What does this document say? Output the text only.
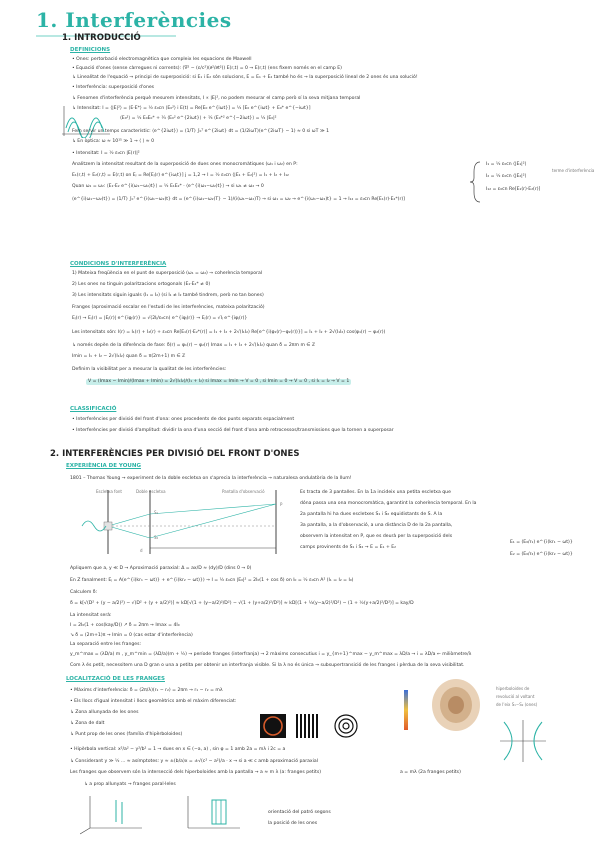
1. Interferències
1. INTRODUCCIÓ
DEFINICIONS
• Ones: pertorbació electromagnètica que compleix les equacions de Maxwell
• Equació d'ones (sense càrregues ni corrents): (∇² − (ε/c²)(∂²/∂t²)) E(r,t) = 0 → E(r,t) (ens fixem només en el camp E)
↳ Linealitat de l'equació → principi de superposició: si E₁ i E₂ són solucions, E = E₁ + E₂ també ho és → la superposició lineal de 2 ones és una solució!
• Interferència: superposició d'ones
↳ Fenomen d'interferència perquè mesurem intensitats, I ∝ |E|², no podem mesurar el camp però sí la seva mitjana temporal
↳ Intensitat: I = ⟨|E|²⟩ = ⟨E·E*⟩ = ½ ε₀cn ⟨E₀²⟩ i E(t) = Re[E₀ e^{iωt}] = ½ [E₀ e^{iωt} + E₀* e^{−iωt}]
⟨E₀²⟩ = ½ E₀E₀* + ¼ ⟨E₀² e^{2iωt}⟩ + ¼ ⟨E₀*² e^{−2iωt}⟩ = ½ |E₀|²
Fem servir un temps característic: ⟨e^{2iωt}⟩ = (1/T) ∫₀ᵀ e^{2iωt} dt = (1/2iωT)(e^{2iωT} − 1) ≈ 0 si ωT ≫ 1
↳ En òptica: ω ≈ 10¹⁵ ≫ 1 → ⟨ ⟩ ≈ 0
• Intensitat: I = ½ ε₀cn |E(r)|²
Analitzem la intensitat resultant de la superposició de dues ones monocromàtiques (ω₁ i ω₂) en P:
E₁(r,t) + E₂(r,t) = E(r,t) on Eⱼ = Re[Eⱼ(r) e^{iωⱼt}] j = 1,2 → I = ½ ε₀cn ⟨|E₁ + E₂|²⟩ = I₁ + I₂ + I₁₂
Quan ω₁ = ω₂: ⟨E₁·E₂ e^{i(ω₁−ω₂)t}⟩ = ½ E₁E₂* · ⟨e^{i(ω₁−ω₂)t}⟩ → si ω₁ ≠ ω₂ → 0
⟨e^{i(ω₁−ω₂)t}⟩ = (1/T) ∫₀ᵀ e^{i(ω₁−ω₂)t} dt = (e^{i(ω₁−ω₂)T} − 1)/(i(ω₁−ω₂)T) → si ω₁ = ω₂ → e^{i(ω₁−ω₂)t} = 1 → I₁₂ = ε₀cn Re[E₁(r)·E₂*(r)]
I₁ = ½ ε₀cn ⟨|E₁|²⟩
I₂ = ½ ε₀cn ⟨|E₂|²⟩
I₁₂ = ε₀cn Re[E₁(r)·E₂(r)]
terme d'interferència
CONDICIONS D'INTERFERÈNCIA
1) Mateixa freqüència en el punt de superposició (ω₁ = ω₂) → coherència temporal
2) Les ones no tinguin polaritzacions ortogonals (E₁·E₂* ≠ 0)
3) Les intensitats siguin iguals (I₁ = I₂) (si I₁ ≠ I₂ també tindrem, però no tan bones)
Franges (aproximació escalar en l'estudi de les interferències, mateixa polarització)
Eⱼ(r) → Eⱼ(r) = |Eⱼ(r)| e^{iφⱼ(r)} = √(2Iⱼ/ε₀cn) e^{iφⱼ(r)} → Eⱼ(r) = √Iⱼ e^{iφⱼ(r)}
Les intensitats són: I(r) = I₁(r) + I₂(r) + ε₀cn Re[E₁(r)·E₂*(r)] = I₁ + I₂ + 2√(I₁I₂) Re[e^{i(φ₁(r)−φ₂(r))}] = I₁ + I₂ + 2√(I₁I₂) cos(φ₁(r) − φ₂(r))
↳ només depèn de la diferència de fase: δ(r) = φ₁(r) − φ₂(r) Imax = I₁ + I₂ + 2√(I₁I₂) quan δ = 2πm m ∈ ℤ
Imin = I₁ + I₂ − 2√(I₁I₂) quan δ = π(2m+1) m ∈ ℤ
Definim la visibilitat per a mesurar la qualitat de les interferències:
V = (Imax − Imin)/(Imax + Imin) = 2√(I₁I₂)/(I₁ + I₂) si Imax = Imin → V = 0 , si Imin = 0 → V = 0 , si I₁ = I₂ → V = 1
CLASSIFICACIÓ
• Interferències per divisió del front d'ona: ones procedents de dos punts separats espacialment
• Interferències per divisió d'amplitud: dividir la ona d'una secció del front d'ona amb retrocessos/transmissions que la tornen a superposar
2. INTERFERÈNCIES PER DIVISIÓ DEL FRONT D'ONES
EXPERIÈNCIA DE YOUNG
1801 – Thomas Young → experiment de la doble escletxa on s'aprecia la interferència → naturalesa ondulatòria de la llum!
Escletxa font	Doble escletxa	Pantalla d'observació
S₁
S₂
P
d
Es tracta de 3 pantalles. En la 1a incideix una petita escletxa que
dóna passa una ona monocromàtica, garantint la coherència temporal. En la
2a pantalla hi ha dues escletxes S₁ i S₂ equidistants de S. A la
3a pantalla, a la d'observació, a una distància D de la 2a pantalla,
observem la intensitat en P, que es deurà per la superposició dels
camps provinents de S₁ i S₂ → E = E₁ + E₂
E₁ = (E₀/r₁) e^{i(kr₁ − ωt)}
E₂ = (E₀/r₂) e^{i(kr₂ − ωt)}
Apliquem que a, y ≪ D → Aproximació paraxial: Δ = ax/D ≈ (dy)/D (dins 0 → 0)
En Z fanalment: Eⱼ = A(e^{i(kr₁ − ωt)} + e^{i(kr₂ − ωt)}) → I = ½ ε₀cn |E₀|² = 2I₀(1 + cos δ) on I₀ = ½ ε₀cn A² (I₁ = I₂ = I₀)
Calculem δ:
δ = k[√(D² + (y − a/2)²) − √(D² + (y + a/2)²)] ≈ kD[√(1 + (y−a/2)²/D²) − √(1 + (y+a/2)²/D²)] ≈ kD[(1 + ½(y−a/2)²/D²) − (1 + ½(y+a/2)²/D²)] = kay/D
La intensitat serà:
I = 2I₀(1 + cos(kay/D)) ↗ δ = 2πm → Imax = 4I₀
↘ δ = (2m+1)π → Imin = 0 (cas estar d'interferència)
La separació entre les franges:
y_m^max = (λD/a) m , y_m^min = (λD/a)(m + ½) → període franges (interfranja) → 2 màxims consecutius i = y_{m+1}^max − y_m^max = λD/a → i = λD/a ← miliòmetre/λ
Com λ és petit, necessitem una D gran o una a petita per obtenir un interfranja visible. Si la λ no és única → subsupertransició de les franges i pèrdua de la seva visibilitat.
LOCALITZACIÓ DE LES FRANGES
• Màxims d'interferència: δ = (2π/λ)(r₁ − r₂) = 2πm → r₁ − r₂ = mλ
• Els llocs d'igual intensitat i llocs geomètrics amb el màxim diferenciat:
↳ Zona allunyada de les ones
↳ Zona de dalt
↳ Punt prop de les ones (família d'hipèrboloides)
• Hipèrbola vertical: x²/a² − y²/b² = 1 → dues en x ∈ (−a, a) , sin φ = 1 amb 2a = mλ i 2c = a
↳ Considerant y ≫ ½ ... ≈ asímptotes: y ≈ ±(b/a)x = ±√(c² − a²)/a · x → si a ≪ c amb aproximació paraxial
Les franges que observem són la intersecció dels hiperboloides amb la pantalla → a ≈ m λ (a: franges petits)
↳ a prop allunyats → franges paral·leles
hiperboloides de
revolució al voltant
de l'eix S₁−S₂ (ones)
orientació del patró segons
la posició de les ones
a = mλ (2a franges petits)
